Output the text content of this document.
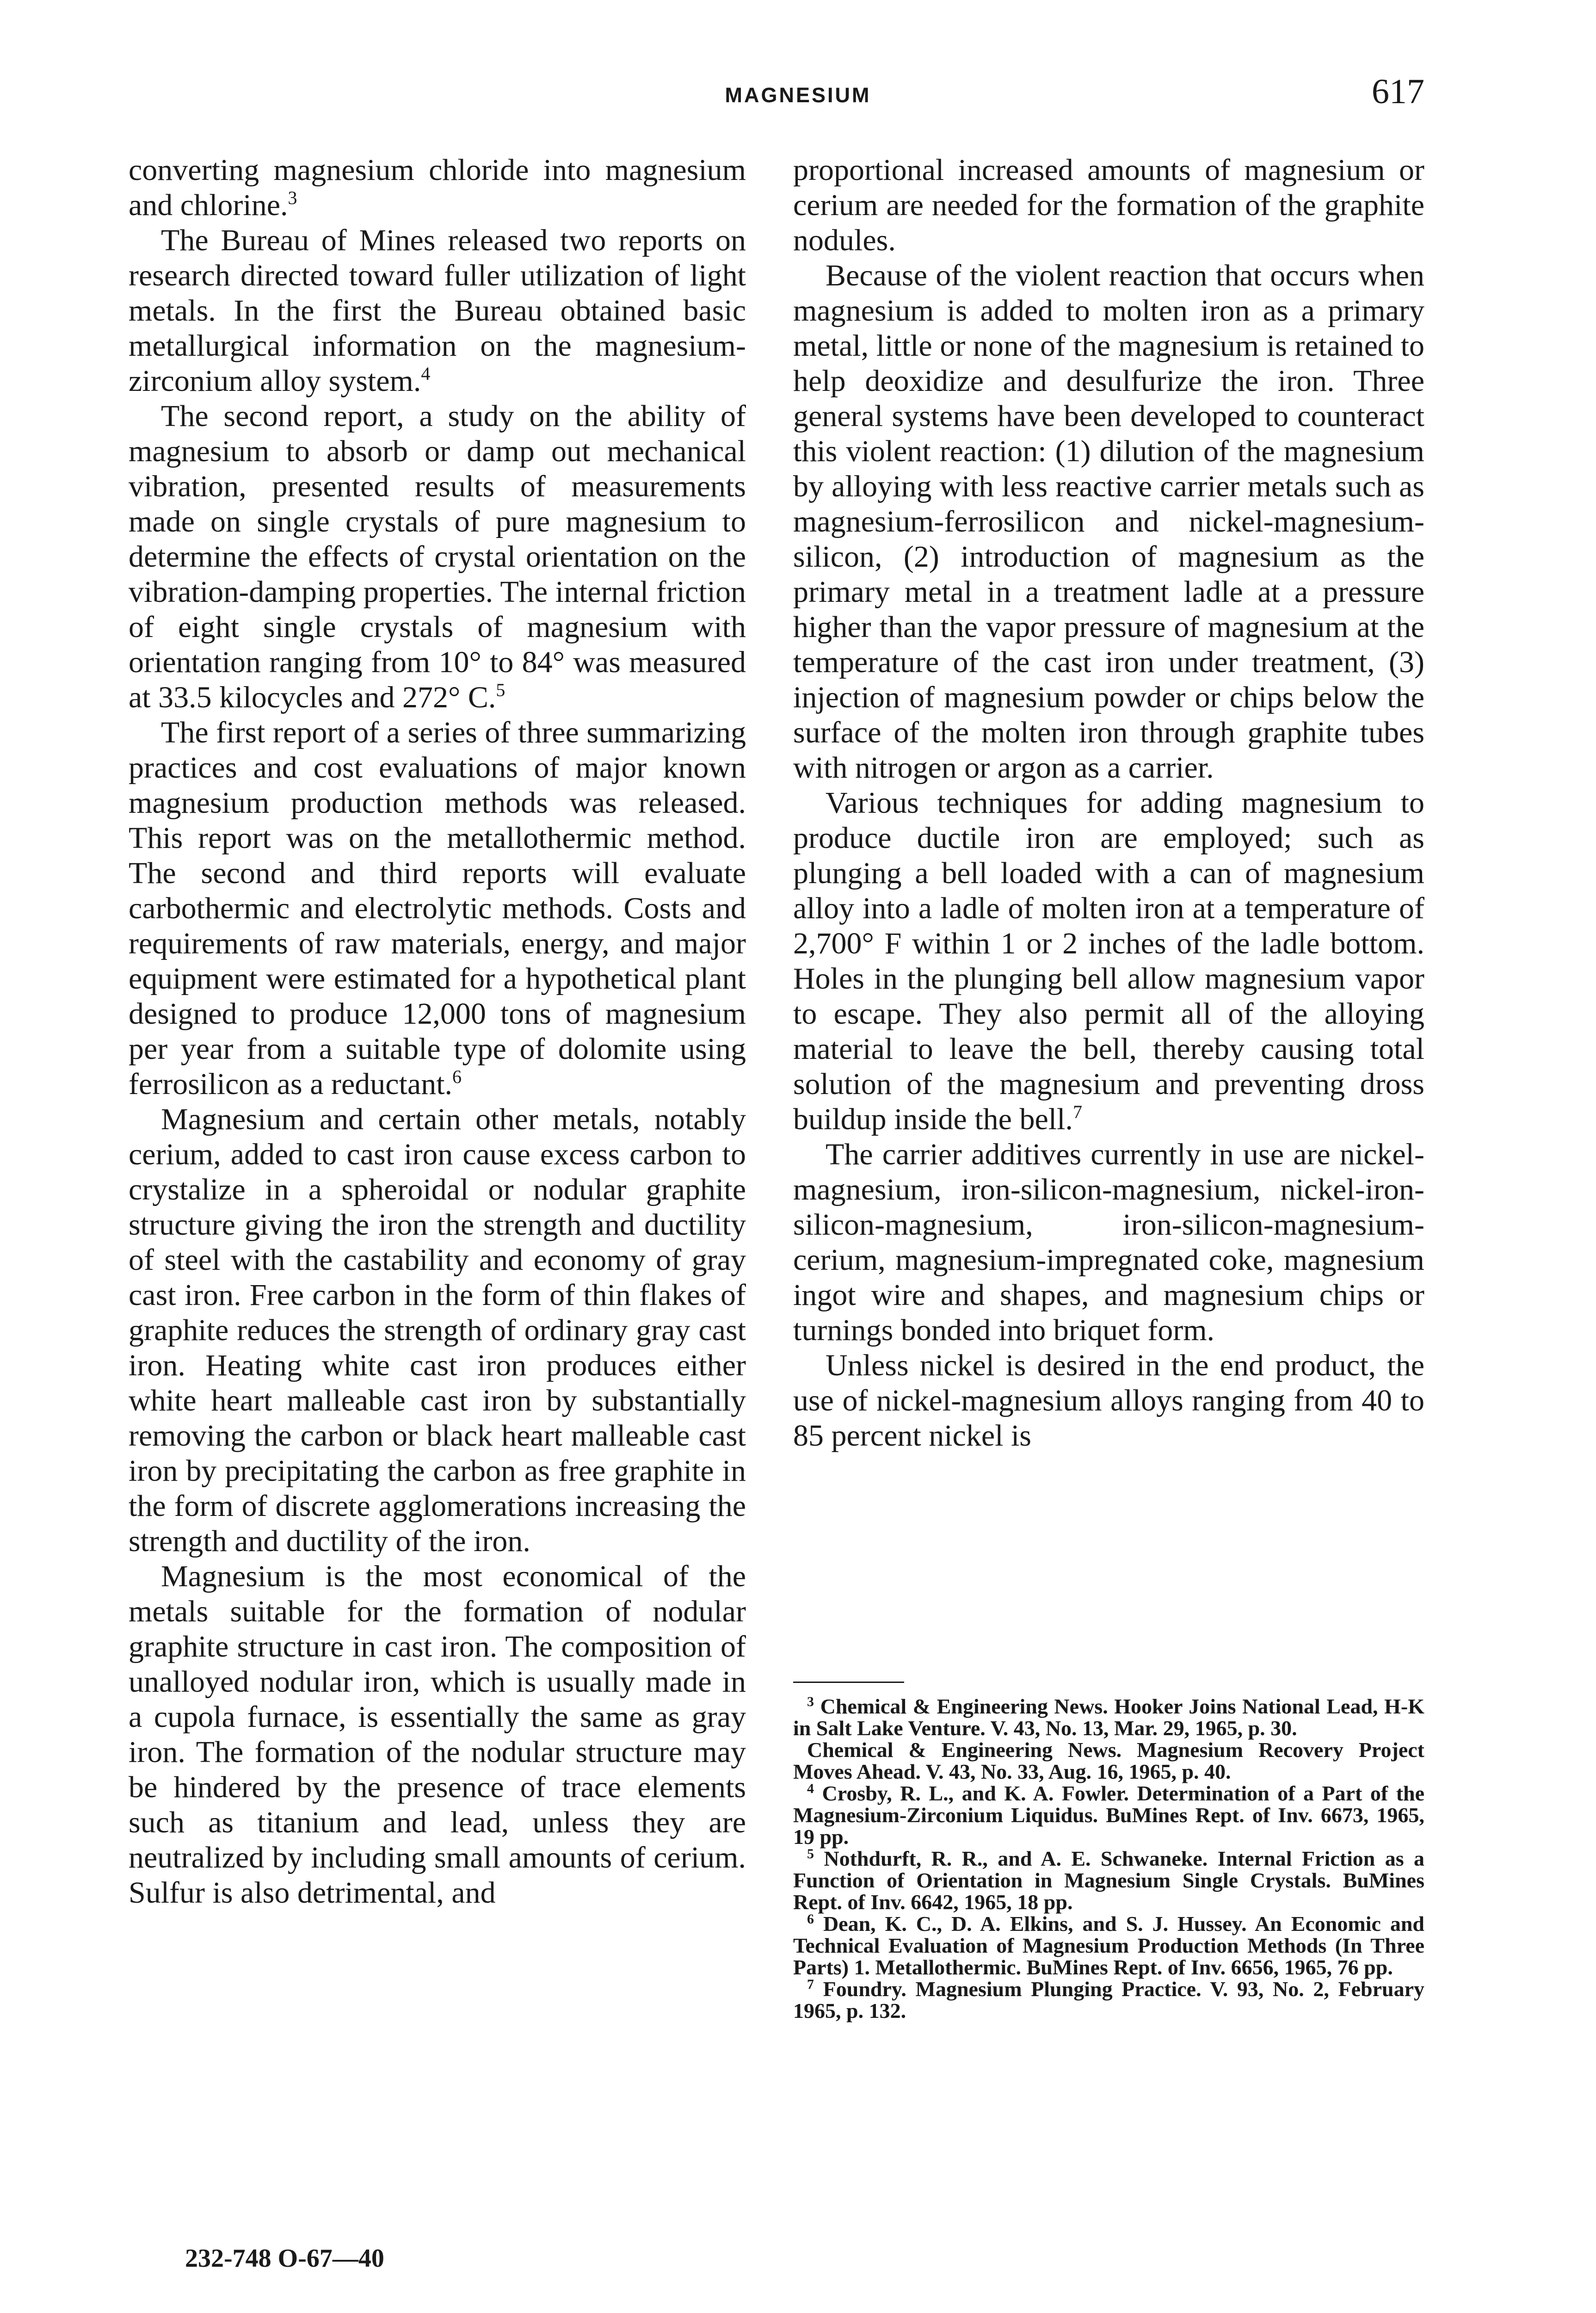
MAGNESIUM	617

converting magnesium chloride into magnesium and chlorine.$^3$

The Bureau of Mines released two reports on research directed toward fuller utilization of light metals. In the first the Bureau obtained basic metallurgical information on the magnesium-zirconium alloy system.$^4$

The second report, a study on the ability of magnesium to absorb or damp out mechanical vibration, presented results of measurements made on single crystals of pure magnesium to determine the effects of crystal orientation on the vibration-damping properties. The internal friction of eight single crystals of magnesium with orientation ranging from 10° to 84° was measured at 33.5 kilocycles and 272° C.$^5$

The first report of a series of three summarizing practices and cost evaluations of major known magnesium production methods was released. This report was on the metallothermic method. The second and third reports will evaluate carbothermic and electrolytic methods. Costs and requirements of raw materials, energy, and major equipment were estimated for a hypothetical plant designed to produce 12,000 tons of magnesium per year from a suitable type of dolomite using ferrosilicon as a reductant.$^6$

Magnesium and certain other metals, notably cerium, added to cast iron cause excess carbon to crystalize in a spheroidal or nodular graphite structure giving the iron the strength and ductility of steel with the castability and economy of gray cast iron. Free carbon in the form of thin flakes of graphite reduces the strength of ordinary gray cast iron. Heating white cast iron produces either white heart malleable cast iron by substantially removing the carbon or black heart malleable cast iron by precipitating the carbon as free graphite in the form of discrete agglomerations increasing the strength and ductility of the iron.

Magnesium is the most economical of the metals suitable for the formation of nodular graphite structure in cast iron. The composition of unalloyed nodular iron, which is usually made in a cupola furnace, is essentially the same as gray iron. The formation of the nodular structure may be hindered by the presence of trace elements such as titanium and lead, unless they are neutralized by including small amounts of cerium. Sulfur is also detrimental, and

proportional increased amounts of magnesium or cerium are needed for the formation of the graphite nodules.

Because of the violent reaction that occurs when magnesium is added to molten iron as a primary metal, little or none of the magnesium is retained to help deoxidize and desulfurize the iron. Three general systems have been developed to counteract this violent reaction: (1) dilution of the magnesium by alloying with less reactive carrier metals such as magnesium-ferrosilicon and nickel-magnesium-silicon, (2) introduction of magnesium as the primary metal in a treatment ladle at a pressure higher than the vapor pressure of magnesium at the temperature of the cast iron under treatment, (3) injection of magnesium powder or chips below the surface of the molten iron through graphite tubes with nitrogen or argon as a carrier.

Various techniques for adding magnesium to produce ductile iron are employed; such as plunging a bell loaded with a can of magnesium alloy into a ladle of molten iron at a temperature of 2,700° F within 1 or 2 inches of the ladle bottom. Holes in the plunging bell allow magnesium vapor to escape. They also permit all of the alloying material to leave the bell, thereby causing total solution of the magnesium and preventing dross buildup inside the bell.$^7$

The carrier additives currently in use are nickel-magnesium, iron-silicon-magnesium, nickel-iron-silicon-magnesium, iron-silicon-magnesium-cerium, magnesium-impregnated coke, magnesium ingot wire and shapes, and magnesium chips or turnings bonded into briquet form.

Unless nickel is desired in the end product, the use of nickel-magnesium alloys ranging from 40 to 85 percent nickel is

$^3$ Chemical & Engineering News. Hooker Joins National Lead, H-K in Salt Lake Venture. V. 43, No. 13, Mar. 29, 1965, p. 30.

Chemical & Engineering News. Magnesium Recovery Project Moves Ahead. V. 43, No. 33, Aug. 16, 1965, p. 40.

$^4$ Crosby, R. L., and K. A. Fowler. Determination of a Part of the Magnesium-Zirconium Liquidus. BuMines Rept. of Inv. 6673, 1965, 19 pp.

$^5$ Nothdurft, R. R., and A. E. Schwaneke. Internal Friction as a Function of Orientation in Magnesium Single Crystals. BuMines Rept. of Inv. 6642, 1965, 18 pp.

$^6$ Dean, K. C., D. A. Elkins, and S. J. Hussey. An Economic and Technical Evaluation of Magnesium Production Methods (In Three Parts) 1. Metallothermic. BuMines Rept. of Inv. 6656, 1965, 76 pp.

$^7$ Foundry. Magnesium Plunging Practice. V. 93, No. 2, February 1965, p. 132.

232-748 O-67—40
